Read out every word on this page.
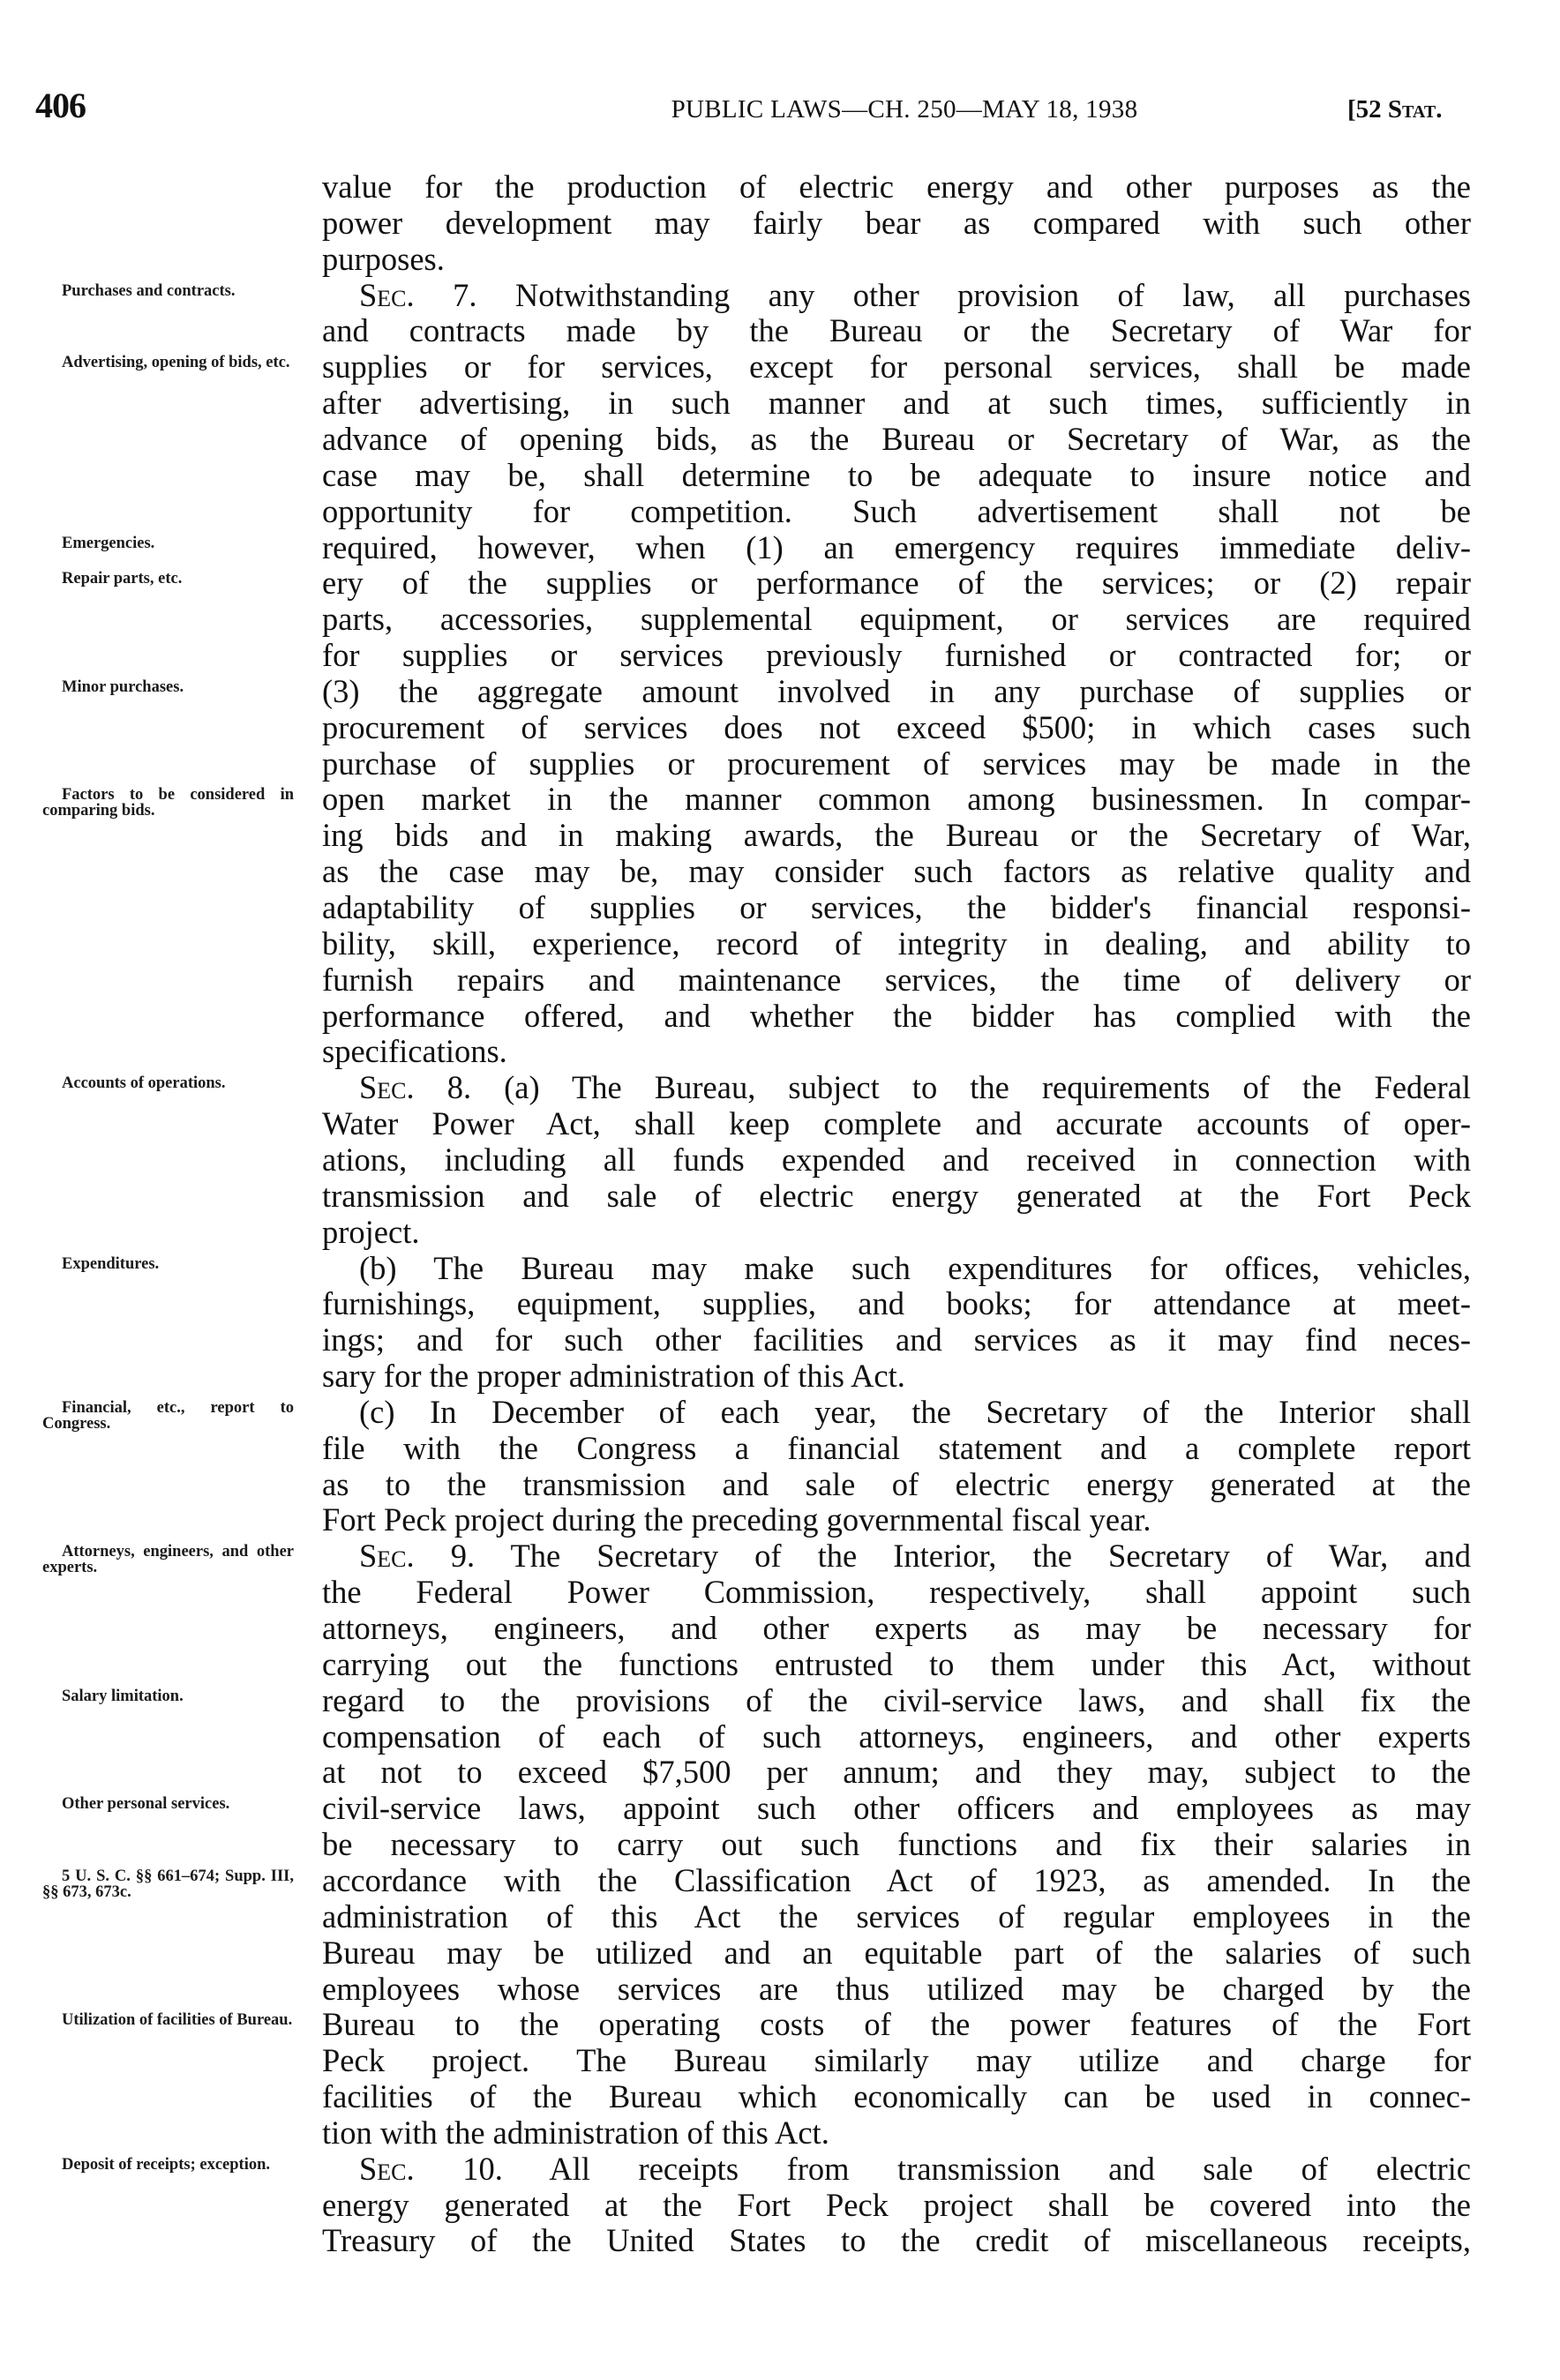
406	PUBLIC LAWS—CH. 250—MAY 18, 1938	[52 Stat.
Purchases and contracts.
Advertising, opening of bids, etc.
Emergencies.
Repair parts, etc.
Minor purchases.
Factors to be considered in comparing bids.
Accounts of operations.
Expenditures.
Financial, etc., report to Congress.
Attorneys, engineers, and other experts.
Salary limitation.
Other personal services.
5 U. S. C. §§ 661–674; Supp. III, §§ 673, 673c.
Utilization of facilities of Bureau.
Deposit of receipts; exception.
value for the production of electric energy and other purposes as the
power development may fairly bear as compared with such other
purposes.
Sec. 7. Notwithstanding any other provision of law, all purchases
and contracts made by the Bureau or the Secretary of War for
supplies or for services, except for personal services, shall be made
after advertising, in such manner and at such times, sufficiently in
advance of opening bids, as the Bureau or Secretary of War, as the
case may be, shall determine to be adequate to insure notice and
opportunity for competition. Such advertisement shall not be
required, however, when (1) an emergency requires immediate deliv-
ery of the supplies or performance of the services; or (2) repair
parts, accessories, supplemental equipment, or services are required
for supplies or services previously furnished or contracted for; or
(3) the aggregate amount involved in any purchase of supplies or
procurement of services does not exceed $500; in which cases such
purchase of supplies or procurement of services may be made in the
open market in the manner common among businessmen. In compar-
ing bids and in making awards, the Bureau or the Secretary of War,
as the case may be, may consider such factors as relative quality and
adaptability of supplies or services, the bidder's financial responsi-
bility, skill, experience, record of integrity in dealing, and ability to
furnish repairs and maintenance services, the time of delivery or
performance offered, and whether the bidder has complied with the
specifications.
Sec. 8. (a) The Bureau, subject to the requirements of the Federal
Water Power Act, shall keep complete and accurate accounts of oper-
ations, including all funds expended and received in connection with
transmission and sale of electric energy generated at the Fort Peck
project.
(b) The Bureau may make such expenditures for offices, vehicles,
furnishings, equipment, supplies, and books; for attendance at meet-
ings; and for such other facilities and services as it may find neces-
sary for the proper administration of this Act.
(c) In December of each year, the Secretary of the Interior shall
file with the Congress a financial statement and a complete report
as to the transmission and sale of electric energy generated at the
Fort Peck project during the preceding governmental fiscal year.
Sec. 9. The Secretary of the Interior, the Secretary of War, and
the Federal Power Commission, respectively, shall appoint such
attorneys, engineers, and other experts as may be necessary for
carrying out the functions entrusted to them under this Act, without
regard to the provisions of the civil-service laws, and shall fix the
compensation of each of such attorneys, engineers, and other experts
at not to exceed $7,500 per annum; and they may, subject to the
civil-service laws, appoint such other officers and employees as may
be necessary to carry out such functions and fix their salaries in
accordance with the Classification Act of 1923, as amended. In the
administration of this Act the services of regular employees in the
Bureau may be utilized and an equitable part of the salaries of such
employees whose services are thus utilized may be charged by the
Bureau to the operating costs of the power features of the Fort
Peck project. The Bureau similarly may utilize and charge for
facilities of the Bureau which economically can be used in connec-
tion with the administration of this Act.
Sec. 10. All receipts from transmission and sale of electric
energy generated at the Fort Peck project shall be covered into the
Treasury of the United States to the credit of miscellaneous receipts,
